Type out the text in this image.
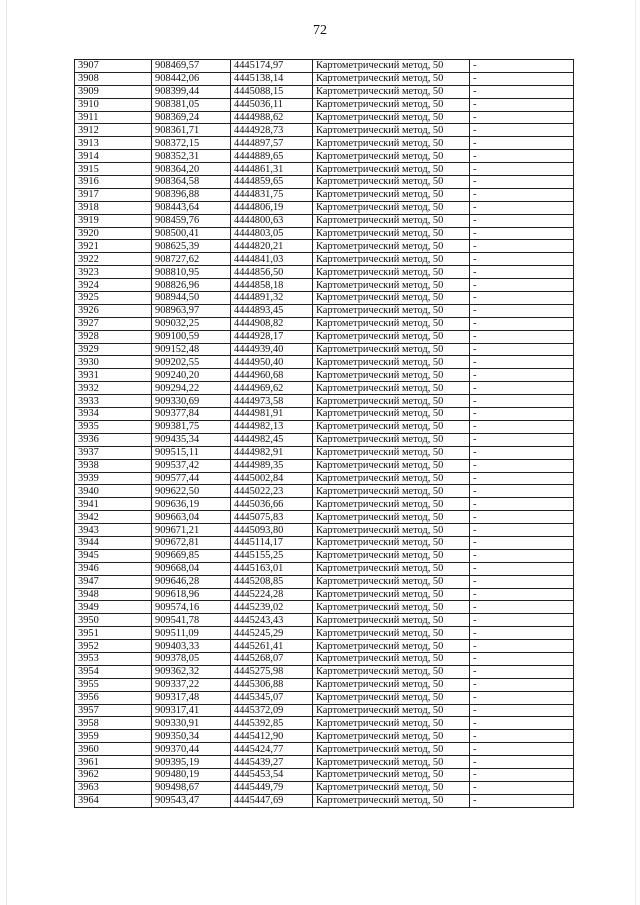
72
3907	908469,57	4445174,97	Картометрический метод, 50	-
3908	908442,06	4445138,14	Картометрический метод, 50	-
3909	908399,44	4445088,15	Картометрический метод, 50	-
3910	908381,05	4445036,11	Картометрический метод, 50	-
3911	908369,24	4444988,62	Картометрический метод, 50	-
3912	908361,71	4444928,73	Картометрический метод, 50	-
3913	908372,15	4444897,57	Картометрический метод, 50	-
3914	908352,31	4444889,65	Картометрический метод, 50	-
3915	908364,20	4444861,31	Картометрический метод, 50	-
3916	908364,58	4444859,65	Картометрический метод, 50	-
3917	908396,88	4444831,75	Картометрический метод, 50	-
3918	908443,64	4444806,19	Картометрический метод, 50	-
3919	908459,76	4444800,63	Картометрический метод, 50	-
3920	908500,41	4444803,05	Картометрический метод, 50	-
3921	908625,39	4444820,21	Картометрический метод, 50	-
3922	908727,62	4444841,03	Картометрический метод, 50	-
3923	908810,95	4444856,50	Картометрический метод, 50	-
3924	908826,96	4444858,18	Картометрический метод, 50	-
3925	908944,50	4444891,32	Картометрический метод, 50	-
3926	908963,97	4444893,45	Картометрический метод, 50	-
3927	909032,25	4444908,82	Картометрический метод, 50	-
3928	909100,59	4444928,17	Картометрический метод, 50	-
3929	909152,48	4444939,40	Картометрический метод, 50	-
3930	909202,55	4444950,40	Картометрический метод, 50	-
3931	909240,20	4444960,68	Картометрический метод, 50	-
3932	909294,22	4444969,62	Картометрический метод, 50	-
3933	909330,69	4444973,58	Картометрический метод, 50	-
3934	909377,84	4444981,91	Картометрический метод, 50	-
3935	909381,75	4444982,13	Картометрический метод, 50	-
3936	909435,34	4444982,45	Картометрический метод, 50	-
3937	909515,11	4444982,91	Картометрический метод, 50	-
3938	909537,42	4444989,35	Картометрический метод, 50	-
3939	909577,44	4445002,84	Картометрический метод, 50	-
3940	909622,50	4445022,23	Картометрический метод, 50	-
3941	909636,19	4445036,66	Картометрический метод, 50	-
3942	909663,04	4445075,83	Картометрический метод, 50	-
3943	909671,21	4445093,80	Картометрический метод, 50	-
3944	909672,81	4445114,17	Картометрический метод, 50	-
3945	909669,85	4445155,25	Картометрический метод, 50	-
3946	909668,04	4445163,01	Картометрический метод, 50	-
3947	909646,28	4445208,85	Картометрический метод, 50	-
3948	909618,96	4445224,28	Картометрический метод, 50	-
3949	909574,16	4445239,02	Картометрический метод, 50	-
3950	909541,78	4445243,43	Картометрический метод, 50	-
3951	909511,09	4445245,29	Картометрический метод, 50	-
3952	909403,33	4445261,41	Картометрический метод, 50	-
3953	909378,05	4445268,07	Картометрический метод, 50	-
3954	909362,32	4445275,98	Картометрический метод, 50	-
3955	909337,22	4445306,88	Картометрический метод, 50	-
3956	909317,48	4445345,07	Картометрический метод, 50	-
3957	909317,41	4445372,09	Картометрический метод, 50	-
3958	909330,91	4445392,85	Картометрический метод, 50	-
3959	909350,34	4445412,90	Картометрический метод, 50	-
3960	909370,44	4445424,77	Картометрический метод, 50	-
3961	909395,19	4445439,27	Картометрический метод, 50	-
3962	909480,19	4445453,54	Картометрический метод, 50	-
3963	909498,67	4445449,79	Картометрический метод, 50	-
3964	909543,47	4445447,69	Картометрический метод, 50	-
